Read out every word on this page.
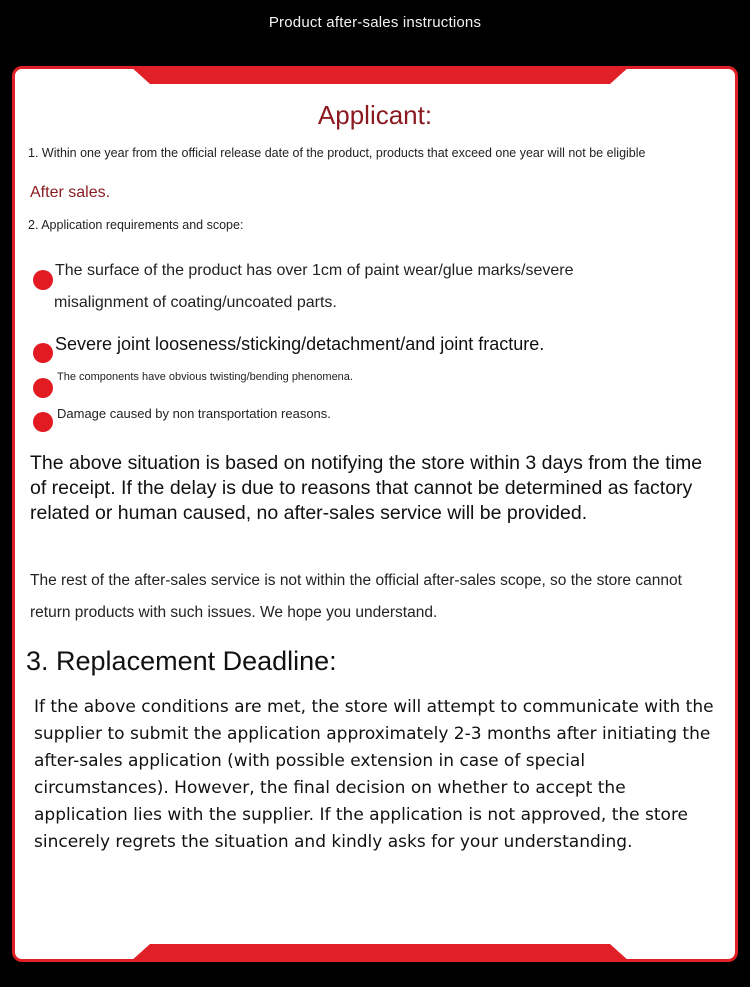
Product after-sales instructions
Applicant:
1. Within one year from the official release date of the product, products that exceed one year will not be eligible
After sales.
2. Application requirements and scope:
The surface of the product has over 1cm of paint wear/glue marks/severe
misalignment of coating/uncoated parts.
Severe joint looseness/sticking/detachment/and joint fracture.
The components have obvious twisting/bending phenomena.
Damage caused by non transportation reasons.
The above situation is based on notifying the store within 3 days from the time of receipt. If the delay is due to reasons that cannot be determined as factory related or human caused, no after-sales service will be provided.
The rest of the after-sales service is not within the official after-sales scope, so the store cannot return products with such issues. We hope you understand.
3. Replacement Deadline:
If the above conditions are met, the store will attempt to communicate with the supplier to submit the application approximately 2-3 months after initiating the after-sales application (with possible extension in case of special circumstances). However, the final decision on whether to accept the application lies with the supplier. If the application is not approved, the store sincerely regrets the situation and kindly asks for your understanding.
